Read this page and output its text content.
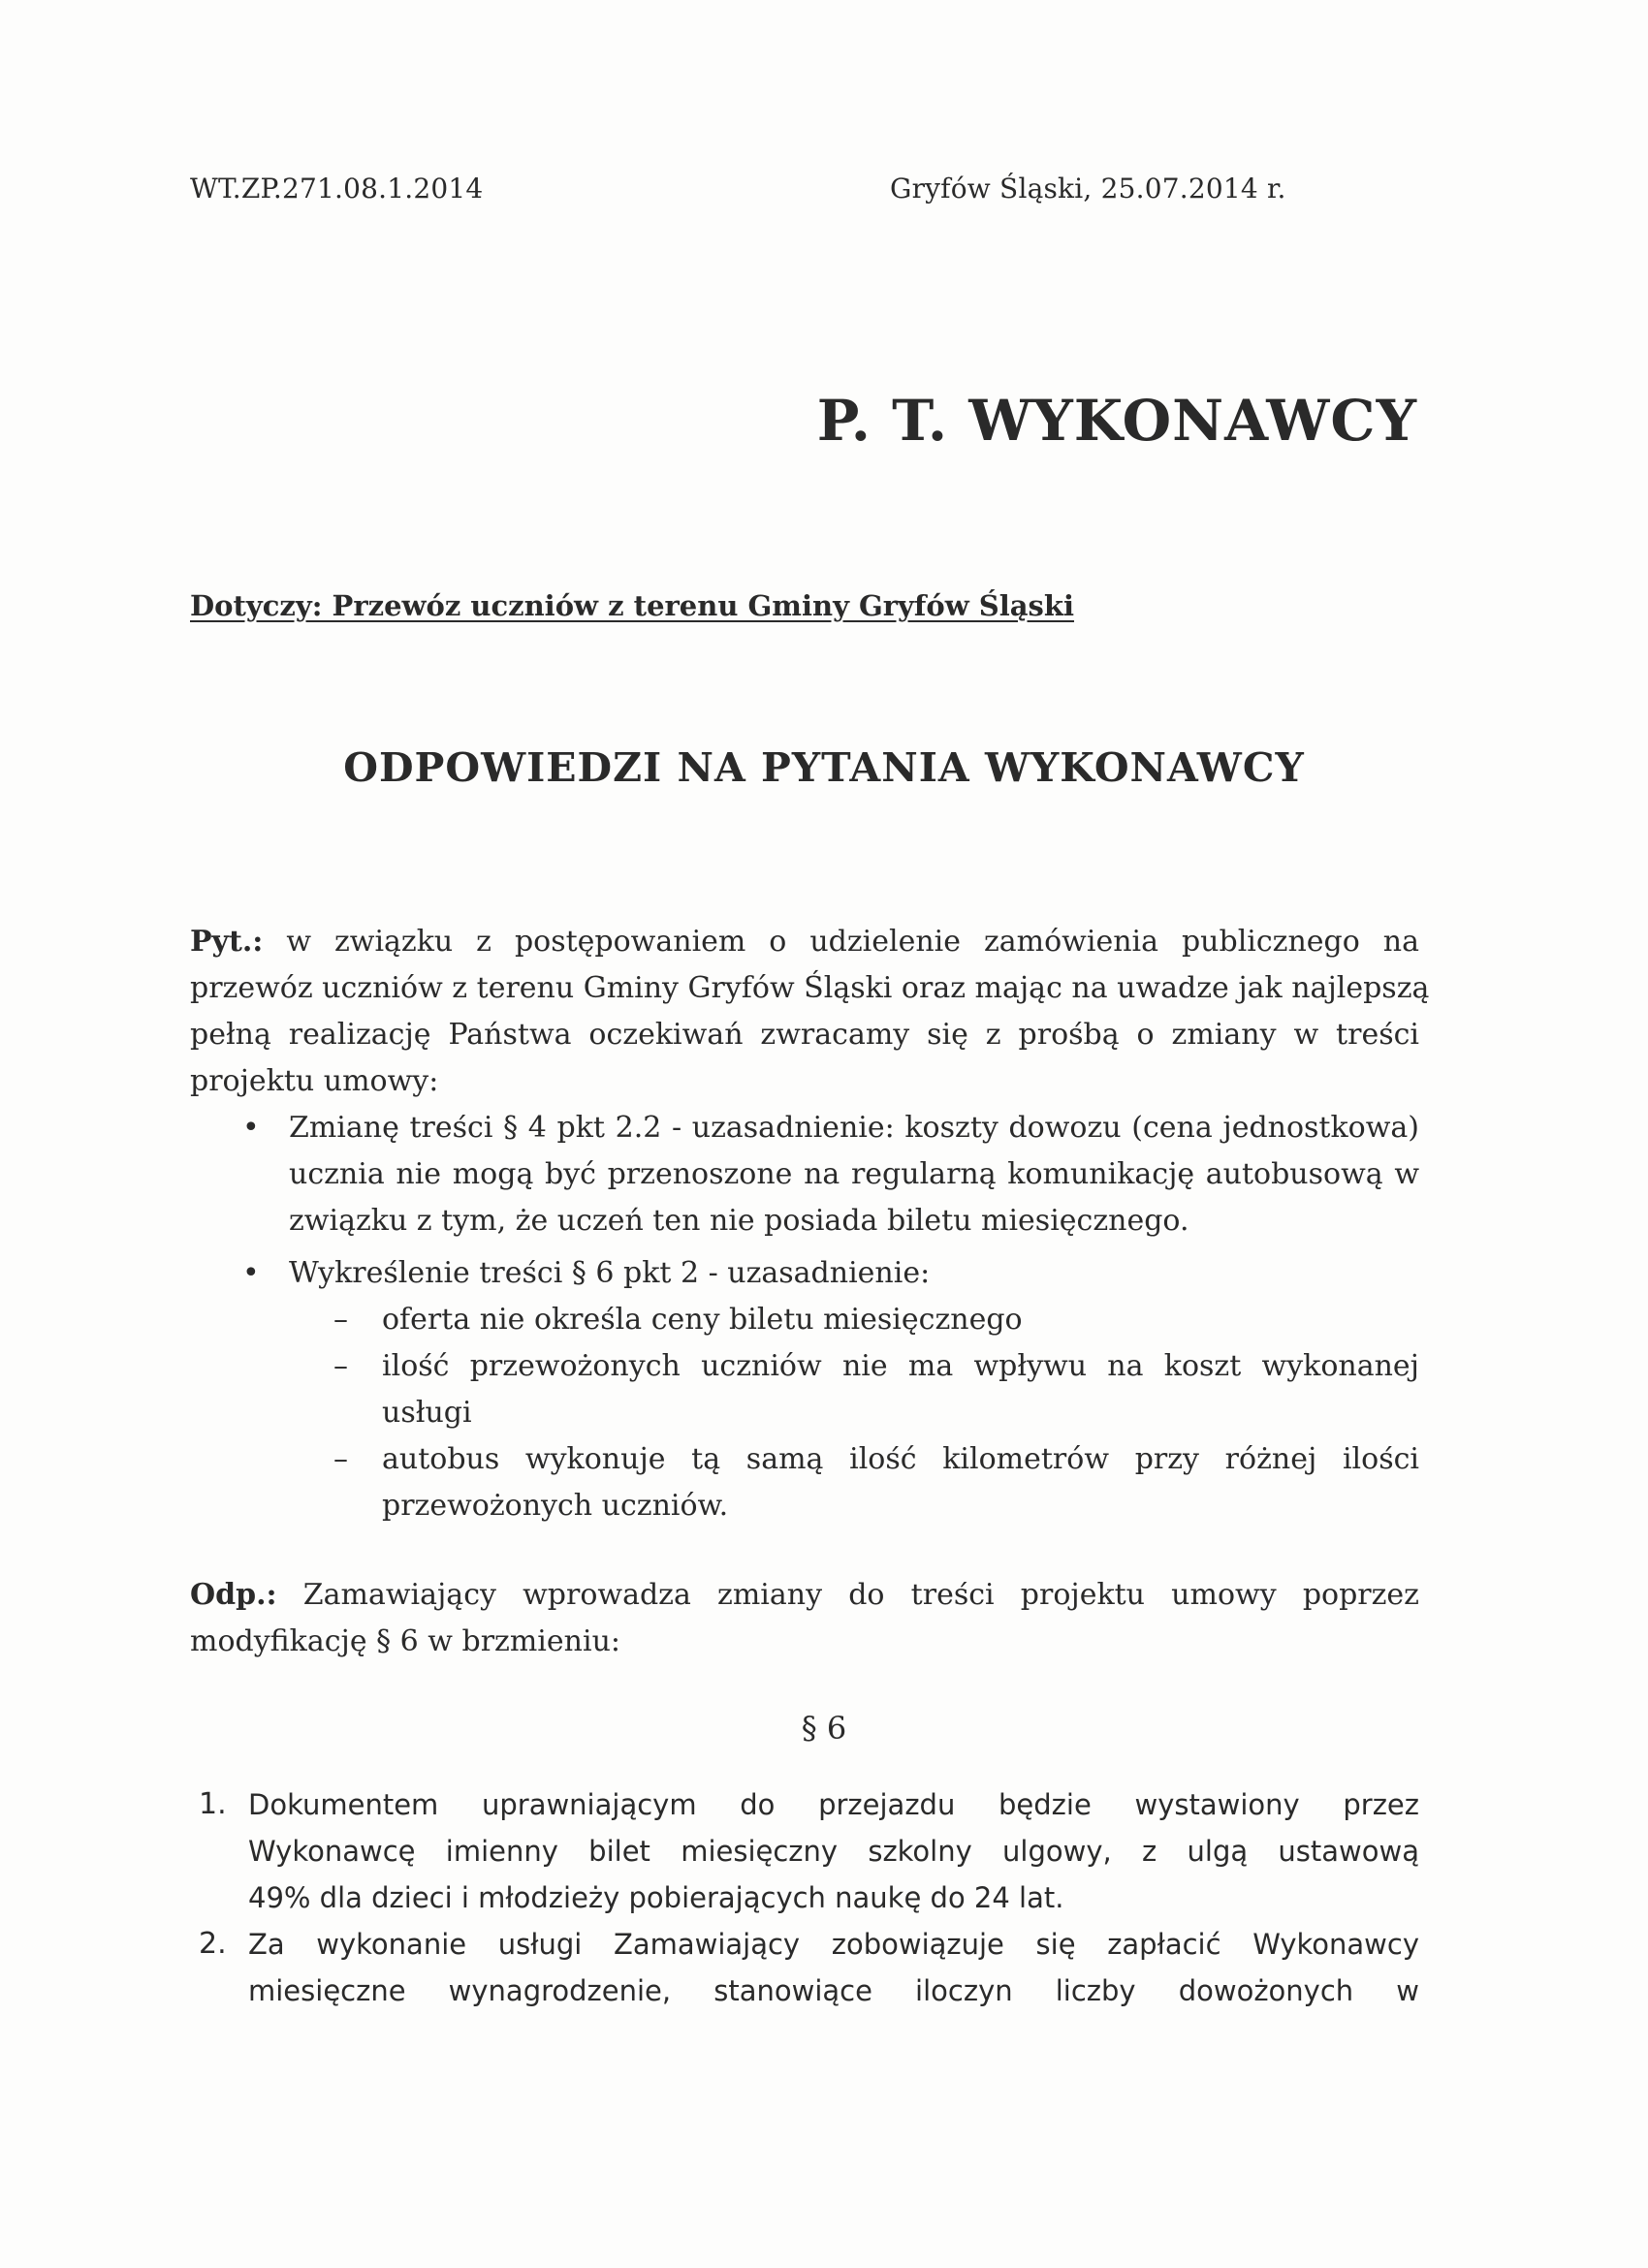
WT.ZP.271.08.1.2014	Gryfów Śląski, 25.07.2014 r.
P. T. WYKONAWCY
Dotyczy: Przewóz uczniów z terenu Gminy Gryfów Śląski
ODPOWIEDZI NA PYTANIA WYKONAWCY
Pyt.: w związku z postępowaniem o udzielenie zamówienia publicznego na
przewóz uczniów z terenu Gminy Gryfów Śląski oraz mając na uwadze jak najlepszą
pełną realizację Państwa oczekiwań zwracamy się z prośbą o zmiany w treści
projektu umowy:
• Zmianę treści § 4 pkt 2.2 - uzasadnienie: koszty dowozu (cena jednostkowa)
ucznia nie mogą być przenoszone na regularną komunikację autobusową w
związku z tym, że uczeń ten nie posiada biletu miesięcznego.
• Wykreślenie treści § 6 pkt 2 - uzasadnienie:
– oferta nie określa ceny biletu miesięcznego
– ilość przewożonych uczniów nie ma wpływu na koszt wykonanej
usługi
– autobus wykonuje tą samą ilość kilometrów przy różnej ilości
przewożonych uczniów.
Odp.: Zamawiający wprowadza zmiany do treści projektu umowy poprzez
modyfikację § 6 w brzmieniu:
§ 6
1. Dokumentem uprawniającym do przejazdu będzie wystawiony przez
Wykonawcę imienny bilet miesięczny szkolny ulgowy, z ulgą ustawową
49% dla dzieci i młodzieży pobierających naukę do 24 lat.
2. Za wykonanie usługi Zamawiający zobowiązuje się zapłacić Wykonawcy
miesięczne wynagrodzenie, stanowiące iloczyn liczby dowożonych w
